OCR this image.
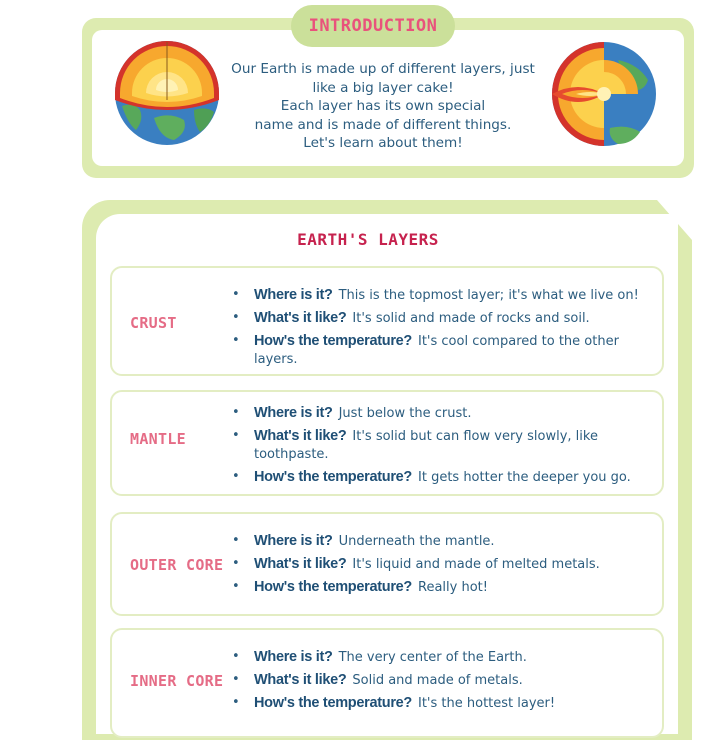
INTRODUCTION
Our Earth is made up of different layers, just
like a big layer cake!
Each layer has its own special
name and is made of different things.
Let's learn about them!
EARTH'S LAYERS
CRUST
• Where is it? This is the topmost layer; it's what we live on!
• What's it like? It's solid and made of rocks and soil.
• How's the temperature? It's cool compared to the other layers.
MANTLE
• Where is it? Just below the crust.
• What's it like? It's solid but can flow very slowly, like toothpaste.
• How's the temperature? It gets hotter the deeper you go.
OUTER CORE
• Where is it? Underneath the mantle.
• What's it like? It's liquid and made of melted metals.
• How's the temperature? Really hot!
INNER CORE
• Where is it? The very center of the Earth.
• What's it like? Solid and made of metals.
• How's the temperature? It's the hottest layer!
